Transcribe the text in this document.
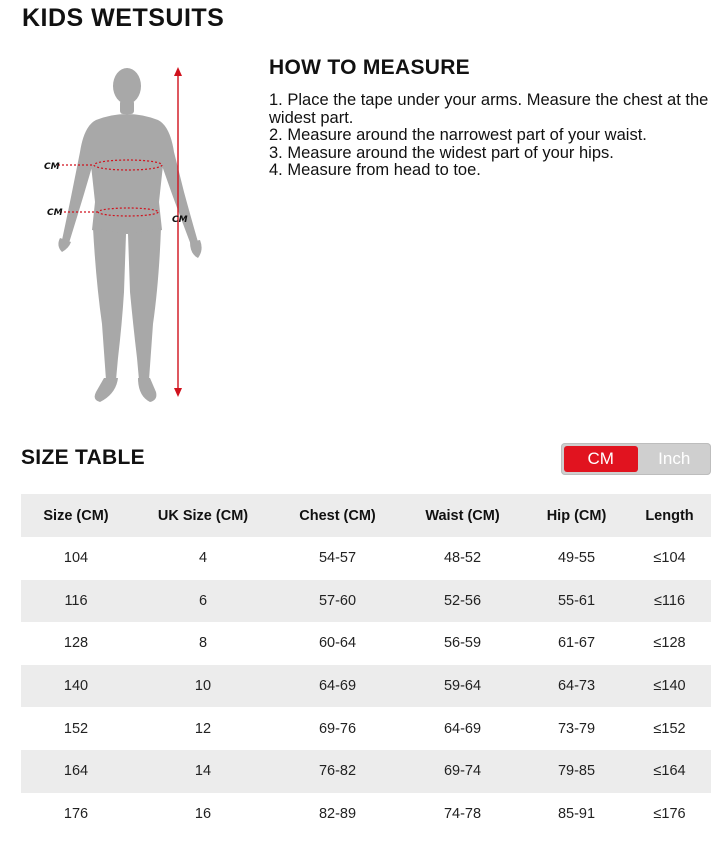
KIDS WETSUITS
CM
CM
CM
HOW TO MEASURE
1. Place the tape under your arms. Measure the chest at the widest part.
2. Measure around the narrowest part of your waist.
3. Measure around the widest part of your hips.
4. Measure from head to toe.
SIZE TABLE	CM	Inch
Size (CM)	UK Size (CM)	Chest (CM)	Waist (CM)	Hip (CM)	Length
104	4	54-57	48-52	49-55	≤104
116	6	57-60	52-56	55-61	≤116
128	8	60-64	56-59	61-67	≤128
140	10	64-69	59-64	64-73	≤140
152	12	69-76	64-69	73-79	≤152
164	14	76-82	69-74	79-85	≤164
176	16	82-89	74-78	85-91	≤176
